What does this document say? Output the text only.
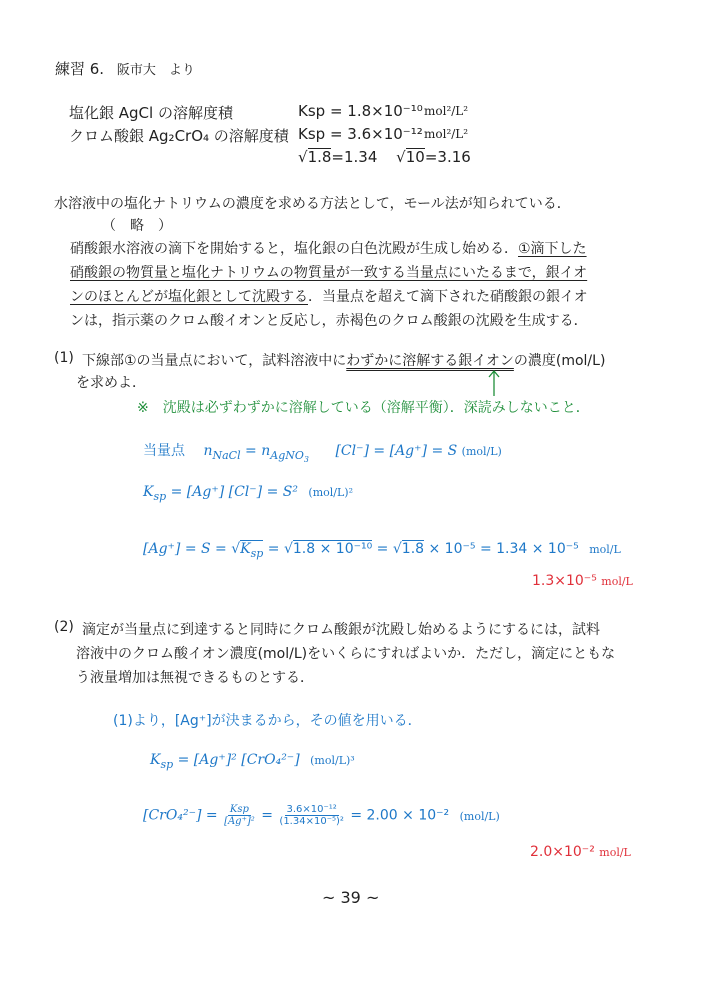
練習 6. 阪市大　より
塩化銀 AgCl の溶解度積	Ksp = 1.8×10⁻¹⁰ mol²/L²
クロム酸銀 Ag₂CrO₄ の溶解度積 Ksp = 3.6×10⁻¹² mol²/L²
√1.8=1.34 √10=3.16
水溶液中の塩化ナトリウムの濃度を求める方法として，モール法が知られている．
（　略　）
硝酸銀水溶液の滴下を開始すると，塩化銀の白色沈殿が生成し始める．①滴下した
硝酸銀の物質量と塩化ナトリウムの物質量が一致する当量点にいたるまで，銀イオ
ンのほとんどが塩化銀として沈殿する．当量点を超えて滴下された硝酸銀の銀イオ
ンは，指示薬のクロム酸イオンと反応し，赤褐色のクロム酸銀の沈殿を生成する．
(1) 下線部①の当量点において，試料溶液中にわずかに溶解する銀イオンの濃度(mol/L)
を求めよ．
※　沈殿は必ずわずかに溶解している（溶解平衡）．深読みしないこと．
当量点 $n_{NaCl} = n_{AgNO_3}$ [Cl⁻] = [Ag⁺] = S (mol/L)
$K_{sp} = [Ag^+] [Cl^-] = S^2$ (mol/L)²
$[Ag^+] = S = √K_{sp} = √1.8 \times 10^{-10} = √1.8 \times 10^{-5} = 1.34 \times 10^{-5}$ mol/L
1.3×10⁻⁵ mol/L
(2) 滴定が当量点に到達すると同時にクロム酸銀が沈殿し始めるようにするには，試料
溶液中のクロム酸イオン濃度(mol/L)をいくらにすればよいか．ただし，滴定にともな
う液量増加は無視できるものとする．
(1)より，[Ag⁺]が決まるから，その値を用いる．
$K_{sp} = [Ag^+]^2$ [CrO₄²⁻] (mol/L)³
$[CrO_4^{2-}] = \frac{\text{Ksp}}{\text{[Ag⁺]²}} = \frac{\text{3.6×10⁻¹²}}{\text{(1.34×10⁻⁵)²}} = 2.00 \times 10^{-2}$ (mol/L)
2.0×10⁻² mol/L
~ 39 ~
